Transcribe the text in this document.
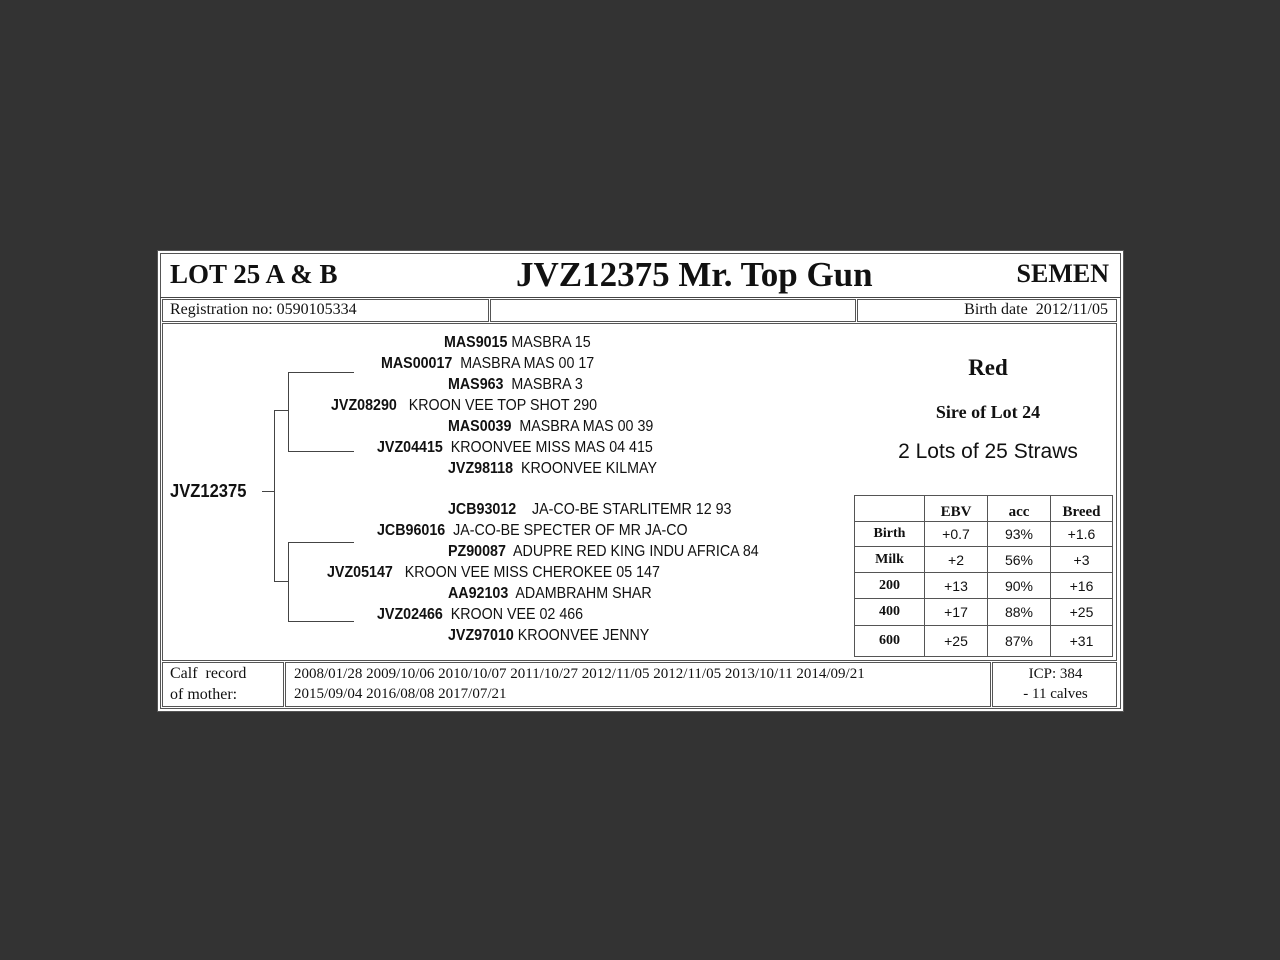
LOT 25 A & B	JVZ12375 Mr. Top Gun	SEMEN
Registration no: 0590105334	Birth date 2012/11/05
JVZ12375
MAS9015 MASBRA 15
MAS00017 MASBRA MAS 00 17
MAS963 MASBRA 3
JVZ08290 KROON VEE TOP SHOT 290
MAS0039 MASBRA MAS 00 39
JVZ04415 KROONVEE MISS MAS 04 415
JVZ98118 KROONVEE KILMAY
JCB93012 JA-CO-BE STARLITEMR 12 93
JCB96016 JA-CO-BE SPECTER OF MR JA-CO
PZ90087 ADUPRE RED KING INDU AFRICA 84
JVZ05147 KROON VEE MISS CHEROKEE 05 147
AA92103 ADAMBRAHM SHAR
JVZ02466 KROON VEE 02 466
JVZ97010 KROONVEE JENNY
Red
Sire of Lot 24
2 Lots of 25 Straws
Calf  record
of mother:
2008/01/28 2009/10/06 2010/10/07 2011/10/27 2012/11/05 2012/11/05 2013/10/11 2014/09/21
2015/09/04 2016/08/08 2017/07/21
ICP: 384
- 11 calves
	EBV	acc	Breed
Birth	+0.7	93%	+1.6
Milk	+2	56%	+3
200	+13	90%	+16
400	+17	88%	+25
600	+25	87%	+31
